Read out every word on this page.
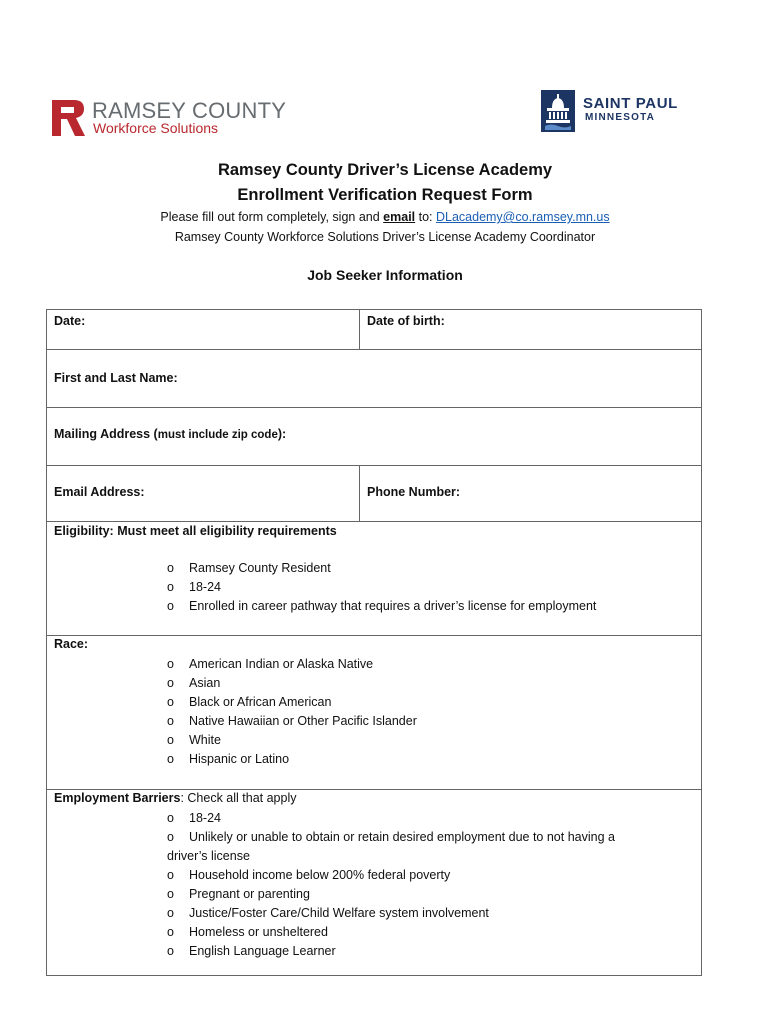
RAMSEY COUNTY
Workforce Solutions
SAINT PAUL
MINNESOTA
Ramsey County Driver’s License Academy
Enrollment Verification Request Form
Please fill out form completely, sign and email to: DLacademy@co.ramsey.mn.us
Ramsey County Workforce Solutions Driver’s License Academy Coordinator
Job Seeker Information
Date:	Date of birth:
First and Last Name:
Mailing Address (must include zip code):
Email Address:	Phone Number:
Eligibility: Must meet all eligibility requirements
o Ramsey County Resident
o 18-24
o Enrolled in career pathway that requires a driver’s license for employment
Race:
o American Indian or Alaska Native
o Asian
o Black or African American
o Native Hawaiian or Other Pacific Islander
o White
o Hispanic or Latino
Employment Barriers: Check all that apply
o 18-24
o Unlikely or unable to obtain or retain desired employment due to not having a
driver’s license
o Household income below 200% federal poverty
o Pregnant or parenting
o Justice/Foster Care/Child Welfare system involvement
o Homeless or unsheltered
o English Language Learner
